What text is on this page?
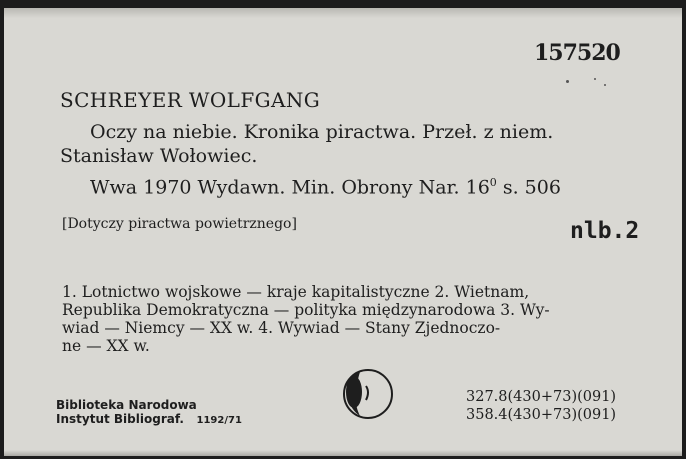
157520
SCHREYER WOLFGANG
Oczy na niebie. Kronika piractwa. Przeł. z niem.
Stanisław Wołowiec.
Wwa 1970 Wydawn. Min. Obrony Nar. $16^0$ s. 506
[Dotyczy piractwa powietrznego]	nlb.2
1. Lotnictwo wojskowe — kraje kapitalistyczne 2. Wietnam,
Republika Demokratyczna — polityka międzynarodowa 3. Wy-
wiad — Niemcy — XX w. 4. Wywiad — Stany Zjednoczo-
ne — XX w.
Biblioteka Narodowa
Instytut Bibliograf. 1192/71
327.8(430+73)(091)
358.4(430+73)(091)
